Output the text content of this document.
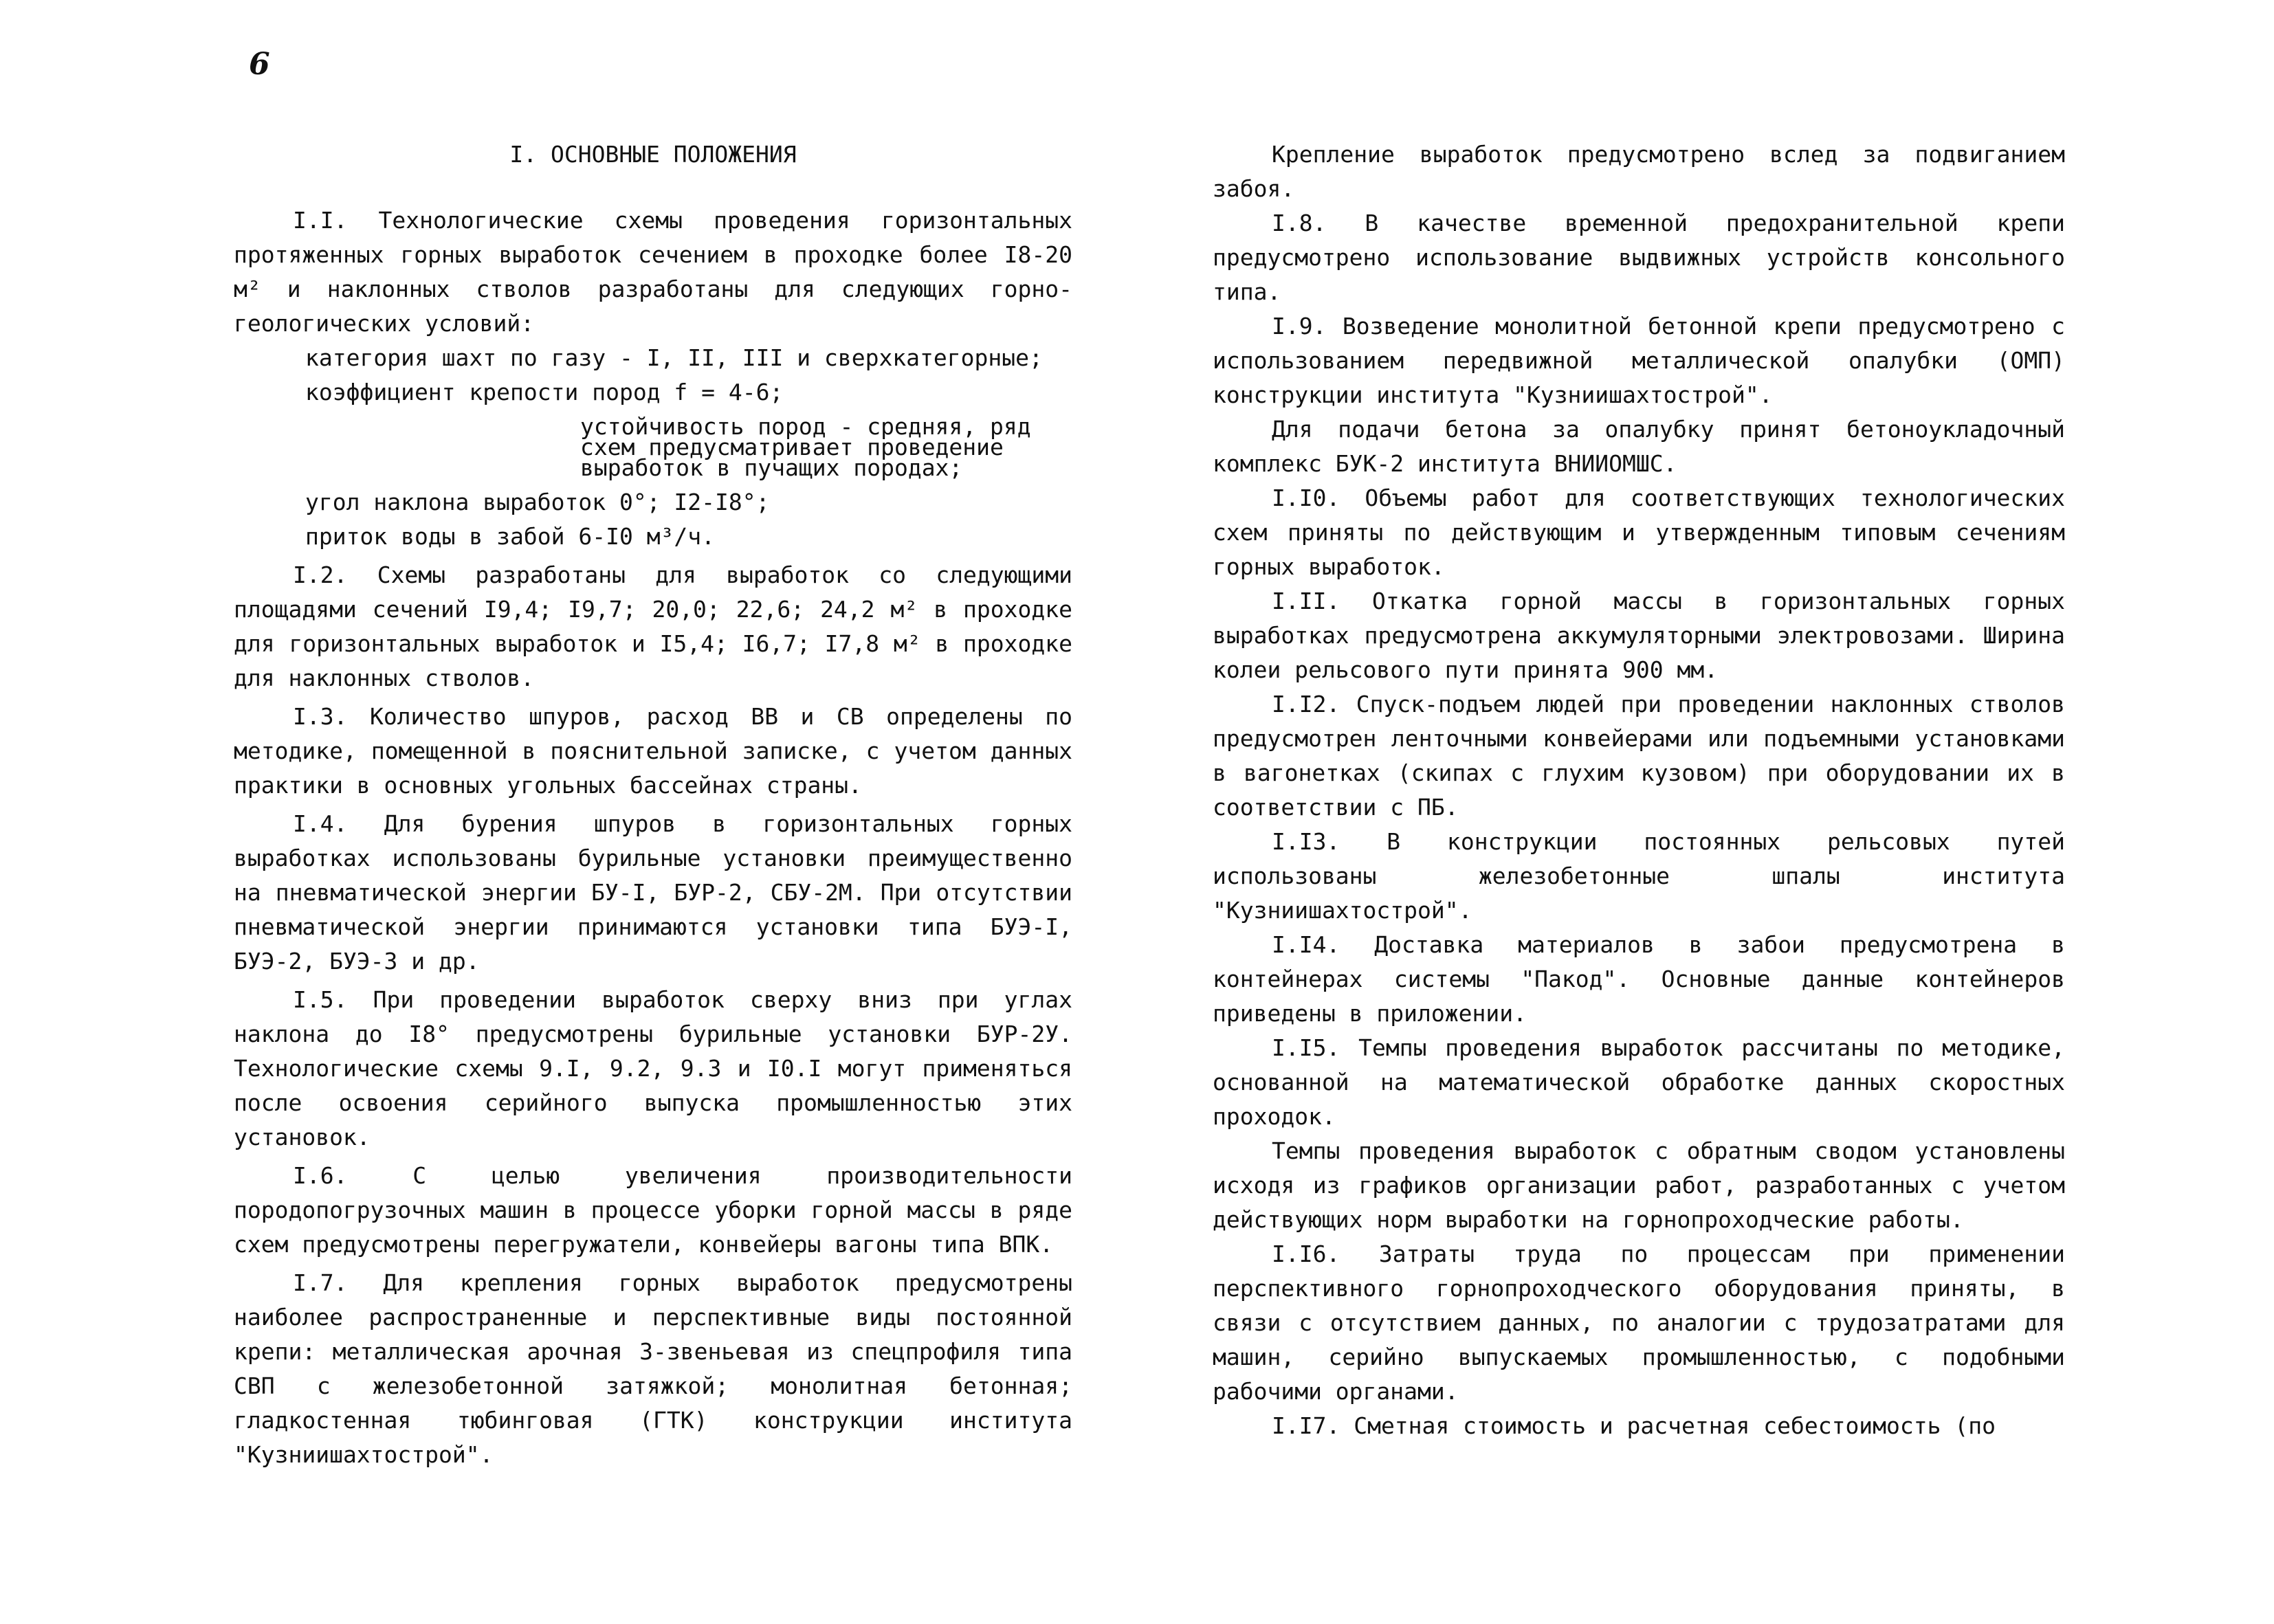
6
I. ОСНОВНЫЕ ПОЛОЖЕНИЯ

I.I. Технологические схемы проведения горизонтальных протяженных горных выработок сечением в проходке более I8-20 м² и наклонных стволов разработаны для следующих горно-геологических условий:

категория шахт по газу - I, II, III и сверхкатегорные;
коэффициент крепости пород f = 4-6;
устойчивость пород - средняя, ряд схем предусматривает проведение выработок в пучащих породах;
угол наклона выработок 0°; I2-I8°;
приток воды в забой 6-I0 м³/ч.

I.2. Схемы разработаны для выработок со следующими площадями сечений I9,4; I9,7; 20,0; 22,6; 24,2 м² в проходке для горизонтальных выработок и I5,4; I6,7; I7,8 м² в проходке для наклонных стволов.

I.3. Количество шпуров, расход ВВ и СВ определены по методике, помещенной в пояснительной записке, с учетом данных практики в основных угольных бассейнах страны.

I.4. Для бурения шпуров в горизонтальных горных выработках использованы бурильные установки преимущественно на пневматической энергии БУ-I, БУР-2, СБУ-2М. При отсутствии пневматической энергии принимаются установки типа БУЭ-I, БУЭ-2, БУЭ-3 и др.

I.5. При проведении выработок сверху вниз при углах наклона до I8° предусмотрены бурильные установки БУР-2У. Технологические схемы 9.I, 9.2, 9.3 и I0.I могут применяться после освоения серийного выпуска промышленностью этих установок.

I.6. С целью увеличения производительности породопогрузочных машин в процессе уборки горной массы в ряде схем предусмотрены перегружатели, конвейеры вагоны типа ВПК.

I.7. Для крепления горных выработок предусмотрены наиболее распространенные и перспективные виды постоянной крепи: металлическая арочная 3-звеньевая из спецпрофиля типа СВП с железобетонной затяжкой; монолитная бетонная; гладкостенная тюбинговая (ГТК) конструкции института "Кузниишахтострой".

Крепление выработок предусмотрено вслед за подвиганием забоя.

I.8. В качестве временной предохранительной крепи предусмотрено использование выдвижных устройств консольного типа.

I.9. Возведение монолитной бетонной крепи предусмотрено с использованием передвижной металлической опалубки (ОМП) конструкции института "Кузниишахтострой".

Для подачи бетона за опалубку принят бетоноукладочный комплекс БУК-2 института ВНИИОМШС.

I.I0. Объемы работ для соответствующих технологических схем приняты по действующим и утвержденным типовым сечениям горных выработок.

I.II. Откатка горной массы в горизонтальных горных выработках предусмотрена аккумуляторными электровозами. Ширина колеи рельсового пути принята 900 мм.

I.I2. Спуск-подъем людей при проведении наклонных стволов предусмотрен ленточными конвейерами или подъемными установками в вагонетках (скипах с глухим кузовом) при оборудовании их в соответствии с ПБ.

I.I3. В конструкции постоянных рельсовых путей использованы железобетонные шпалы института "Кузниишахтострой".

I.I4. Доставка материалов в забои предусмотрена в контейнерах системы "Пакод". Основные данные контейнеров приведены в приложении.

I.I5. Темпы проведения выработок рассчитаны по методике, основанной на математической обработке данных скоростных проходок.

Темпы проведения выработок с обратным сводом установлены исходя из графиков организации работ, разработанных с учетом действующих норм выработки на горнопроходческие работы.

I.I6. Затраты труда по процессам при применении перспективного горнопроходческого оборудования приняты, в связи с отсутствием данных, по аналогии с трудозатратами для машин, серийно выпускаемых промышленностью, с подобными рабочими органами.

I.I7. Сметная стоимость и расчетная себестоимость (по
